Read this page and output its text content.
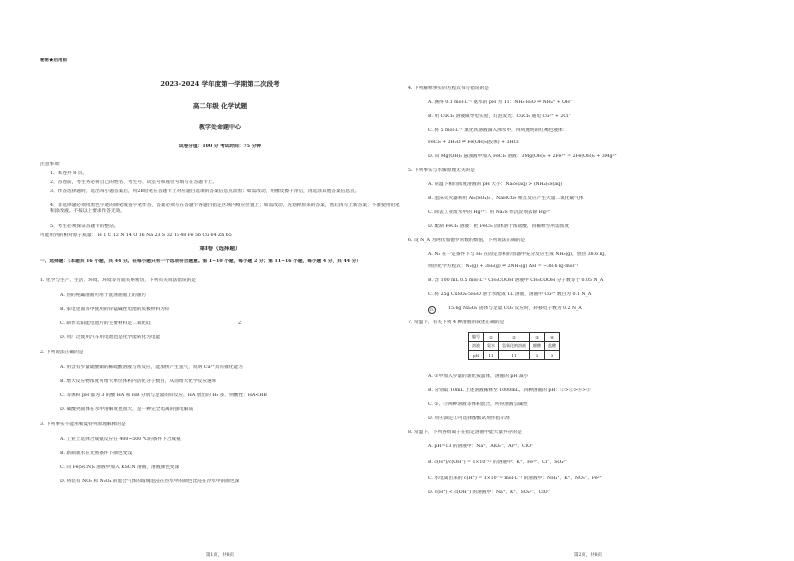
秘密★启用前
2023-2024 学年度第一学期第二次段考
高二年级 化学试题
教学处命题中心
试卷分值：100 分 考试时间：75 分钟
注意事项：
1、本卷共 8 页。
2、答卷前，考生务必将自己的姓名、考生号、试室号和座位号填写在答题卡上。
3、作答选择题时，选出每小题答案后，用2B铅笔在答题卡上对应题目选项的答案信息点涂黑；如需改动，用橡皮擦干净后，再选涂其他答案信息点。
4、非选择题必须用黑色字迹的钢笔或签字笔作答，答案必须写在答题卡各题目指定区域内相应位置上；如需改动，先划掉原来的答案，然后再写上新答案；不准使用铅笔和涂改液。不按以上要求作答无效。
5、考生必须保证答题卡的整洁。
可能用到的相对原子质量： H 1 C 12 N 14 O 16 Na 23 S 32 Ti 48 Fe 56 Cu 64 Zn 65
第Ⅰ卷（选择题）
一、选择题：（本题共 16 小题，共 44 分。在每小题只有一个选项符合题意。第 1~10 小题，每小题 2 分；第 11~16 小题，每小题 4 分，共 44 分）
1. 化学与生产、生活、环境、环境等方面关系密切，下列有关说法错误的是
A. 热的纯碱溶液可用于洗涤油脂上的油污
B. 家电里面等中使用的锌锰碱性电池的负极材料为锌
C. 制作太阳能电池片的主要材料是二氧化硅	2
D. 用广泛使用汽车用电池也是化学能转化为电能
2. 下列说法正确的是
A. 用含有少量硫酸铜的稀硫酸溶液与铁反应，能加快产生氢气，说明 Cu²⁺具有催化能力
B. 增大反应物浓度可增大单位体积内活化分子数目，从而增大化学反应速率
C. 等体积 pH 都为 3 的酸 HA 和 HB 分别与足量的锌反应，HA 放出的 H₂ 多，则酸性：HA<HB
D. 碳酸钙固体在水中溶解度也很大，是一种完全电离的强电解质
3. 下列事实不能用勒夏特列原理解释的是
A. 工业上选择合成氨反应在 400~500 ℃的条件下合成氨
B. 新制氯水在光照条件下颜色变浅
C. 向 Fe(SCN)₃ 溶液中加入 KSCN 溶液，溶液颜色变深
D. 将装有 NO₂ 和 N₂O₄ 的混合气体的玻璃泡浸在热水中的颜色比浸在冷水中的颜色深
第1页，共8页
4. 下列解释事实的方程式书写错误的是
A. 测得 0.1 mol·L⁻¹ 氨水的 pH 为 11：NH₃·H₂O ⇌ NH₄⁺ + OH⁻
B. 用 CuCl₂ 溶液做导电实验，灯泡发光：CuCl₂ 通电 Cu²⁺ + 2Cl⁻
C. 将 5 mol·L⁻¹ 氯化铁溶液滴入沸水中，得到透明的红褐色液体：
FeCl₃ + 3H₂O ⇌ Fe(OH)₃(胶体) + 3HCl
D. 向 Mg(OH)₂ 悬浊液中加入 FeCl₃ 溶液：3Mg(OH)₂ + 2Fe³⁺ = 2Fe(OH)₃ + 3Mg²⁺
5. 下列事实与水解原理无关的是
A. 常温下相同浓度溶液的 pH 大小：Na₂S(aq) > (NH₄)₂S(aq)
B. 泡沫灭火器利用 Al₂(SO₄)₃ 、NaHCO₃ 相互反应产生大量二氧化碳气体
C. 除去工业废水中的 Hg²⁺：用 Na₂S 作沉淀剂去除 Hg²⁺
D. 配制 FeCl₃ 溶液：把 FeCl₃ 固体溶于浓盐酸，再稀释至所需浓度
6. 设 N_A 为阿伏加德罗常数的数值，下列说法正确的是
A. N₂ 在一定条件下与 H₂ 在固定容积的容器中充分反应生成 NH₃(g)，放热 38.6 kJ，
则热化学方程式：N₂(g) + 3H₂(g) ⇌ 2NH₃(g) ΔH = −38.6 kJ·mol⁻¹
B. 含 100 mL 0.5 mol·L⁻¹ CH₃COOH 溶液中 CH₃COOH 分子数等于 0.05 N_A
C. 将 25g CuSO₄·5H₂O 溶于水配成 1L 溶液，溶液中 Cu²⁺ 数目为 0.1 N_A
D.	15.6g Na₂O₂ 固体与足量 CO₂ 反应时，转移电子数为 0.2 N_A
7. 常温下，有关下列 4 种溶液的叙述正确的是
编号	①	②	③	④
溶液	氨水	氢氧化钠溶液	醋酸	盐酸
pH	11	11	3	3
A. ①中加入少量的氯化铵晶体，溶液的 pH 减小
B. 分别取 10mL 上述溶液稀释至 1000mL，四种溶液的 pH：②>①>④>③
C. ②、③两种溶液等体积混合，所得溶液呈碱性
D. 用④滴定①可选择酚酞试剂作指示剂
8. 常温下，下列各组离子在指定溶液中能大量共存的是
A. pH=13 的溶液中：Na⁺、AlO₂⁻、Al³⁺、ClO⁻
B. c(H⁺)/c(OH⁻) = 1×10⁻¹² 的溶液中：K⁺、Fe³⁺、Cl⁻、SO₄²⁻
C. 水电离出来的 c(H⁺) = 1×10⁻¹² mol·L⁻¹ 的溶液中：NH₄⁺、K⁺、NO₃⁻、Fe²⁺
D. c(H⁺) < c(OH⁻) 的溶液中：Na⁺、K⁺、SO₄²⁻、ClO⁻
第2页，共8页
